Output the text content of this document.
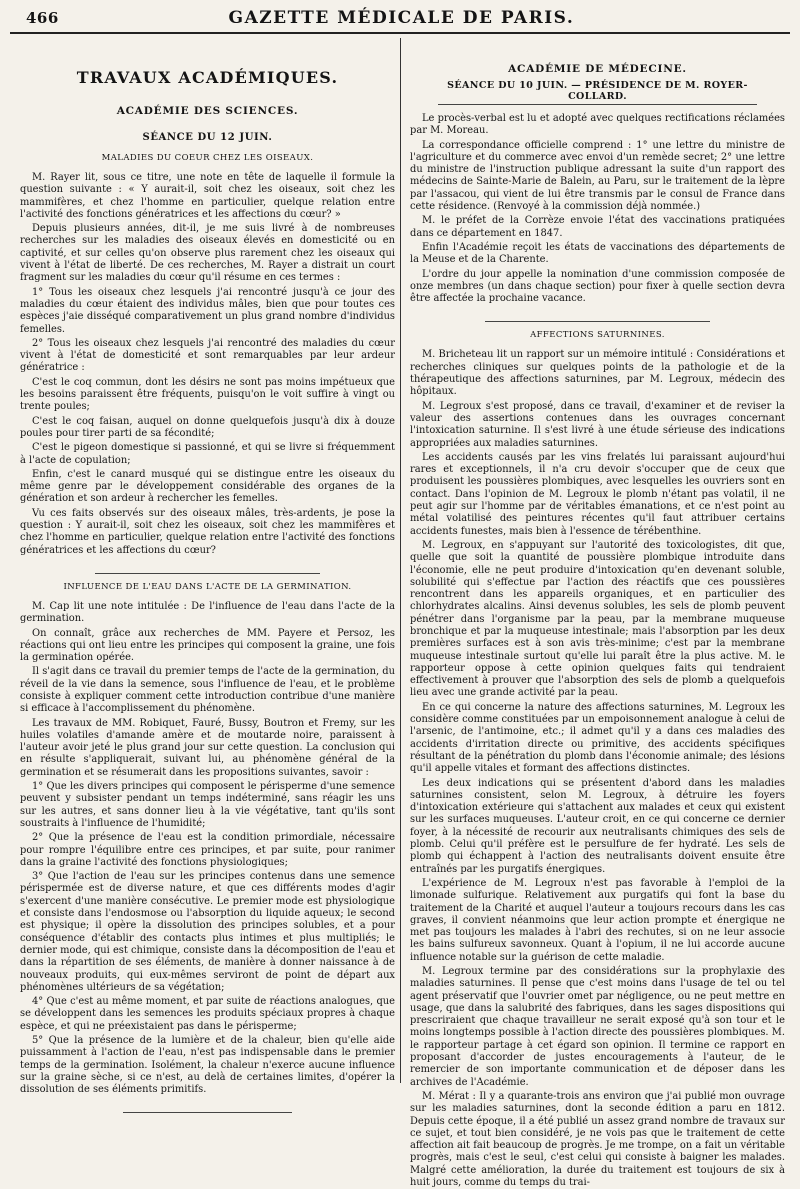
466	GAZETTE MÉDICALE DE PARIS.
TRAVAUX ACADÉMIQUES.
ACADÉMIE DES SCIENCES.
SÉANCE DU 12 JUIN.
MALADIES DU COEUR CHEZ LES OISEAUX.

M. Rayer lit, sous ce titre, une note en tête de laquelle il formule la question suivante : « Y aurait-il, soit chez les oiseaux, soit chez les mammifères, et chez l'homme en particulier, quelque relation entre l'activité des fonctions génératrices et les affections du cœur? »

Depuis plusieurs années, dit-il, je me suis livré à de nombreuses recherches sur les maladies des oiseaux élevés en domesticité ou en captivité, et sur celles qu'on observe plus rarement chez les oiseaux qui vivent à l'état de liberté. De ces recherches, M. Rayer a distrait un court fragment sur les maladies du cœur qu'il résume en ces termes :

1° Tous les oiseaux chez lesquels j'ai rencontré jusqu'à ce jour des maladies du cœur étaient des individus mâles, bien que pour toutes ces espèces j'aie disséqué comparativement un plus grand nombre d'individus femelles.

2° Tous les oiseaux chez lesquels j'ai rencontré des maladies du cœur vivent à l'état de domesticité et sont remarquables par leur ardeur génératrice :

C'est le coq commun, dont les désirs ne sont pas moins impétueux que les besoins paraissent être fréquents, puisqu'on le voit suffire à vingt ou trente poules;

C'est le coq faisan, auquel on donne quelquefois jusqu'à dix à douze poules pour tirer parti de sa fécondité;

C'est le pigeon domestique si passionné, et qui se livre si fréquemment à l'acte de copulation;

Enfin, c'est le canard musqué qui se distingue entre les oiseaux du même genre par le développement considérable des organes de la génération et son ardeur à rechercher les femelles.

Vu ces faits observés sur des oiseaux mâles, très-ardents, je pose la question : Y aurait-il, soit chez les oiseaux, soit chez les mammifères et chez l'homme en particulier, quelque relation entre l'activité des fonctions génératrices et les affections du cœur?

INFLUENCE DE L'EAU DANS L'ACTE DE LA GERMINATION.

M. Cap lit une note intitulée : De l'influence de l'eau dans l'acte de la germination.

On connaît, grâce aux recherches de MM. Payere et Persoz, les réactions qui ont lieu entre les principes qui composent la graine, une fois la germination opérée.

Il s'agit dans ce travail du premier temps de l'acte de la germination, du réveil de la vie dans la semence, sous l'influence de l'eau, et le problème consiste à expliquer comment cette introduction contribue d'une manière si efficace à l'accomplissement du phénomène.

Les travaux de MM. Robiquet, Fauré, Bussy, Boutron et Fremy, sur les huiles volatiles d'amande amère et de moutarde noire, paraissent à l'auteur avoir jeté le plus grand jour sur cette question. La conclusion qui en résulte s'appliquerait, suivant lui, au phénomène général de la germination et se résumerait dans les propositions suivantes, savoir :

1° Que les divers principes qui composent le périsperme d'une semence peuvent y subsister pendant un temps indéterminé, sans réagir les uns sur les autres, et sans donner lieu à la vie végétative, tant qu'ils sont soustraits à l'influence de l'humidité;

2° Que la présence de l'eau est la condition primordiale, nécessaire pour rompre l'équilibre entre ces principes, et par suite, pour ranimer dans la graine l'activité des fonctions physiologiques;

3° Que l'action de l'eau sur les principes contenus dans une semence périspermée est de diverse nature, et que ces différents modes d'agir s'exercent d'une manière consécutive. Le premier mode est physiologique et consiste dans l'endosmose ou l'absorption du liquide aqueux; le second est physique; il opère la dissolution des principes solubles, et a pour conséquence d'établir des contacts plus intimes et plus multipliés; le dernier mode, qui est chimique, consiste dans la décomposition de l'eau et dans la répartition de ses éléments, de manière à donner naissance à de nouveaux produits, qui eux-mêmes serviront de point de départ aux phénomènes ultérieurs de sa végétation;

4° Que c'est au même moment, et par suite de réactions analogues, que se développent dans les semences les produits spéciaux propres à chaque espèce, et qui ne préexistaient pas dans le périsperme;

5° Que la présence de la lumière et de la chaleur, bien qu'elle aide puissamment à l'action de l'eau, n'est pas indispensable dans le premier temps de la germination. Isolément, la chaleur n'exerce aucune influence sur la graine sèche, si ce n'est, au delà de certaines limites, d'opérer la dissolution de ses éléments primitifs.

ACADÉMIE DE MÉDECINE.
SÉANCE DU 10 JUIN. — PRÉSIDENCE DE M. ROYER-COLLARD.

Le procès-verbal est lu et adopté avec quelques rectifications réclamées par M. Moreau.

La correspondance officielle comprend : 1° une lettre du ministre de l'agriculture et du commerce avec envoi d'un remède secret; 2° une lettre du ministre de l'instruction publique adressant la suite d'un rapport des médecins de Sainte-Marie de Balein, au Paru, sur le traitement de la lèpre par l'assacou, qui vient de lui être transmis par le consul de France dans cette résidence. (Renvoyé à la commission déjà nommée.)

M. le préfet de la Corrèze envoie l'état des vaccinations pratiquées dans ce département en 1847.

Enfin l'Académie reçoit les états de vaccinations des départements de la Meuse et de la Charente.

L'ordre du jour appelle la nomination d'une commission composée de onze membres (un dans chaque section) pour fixer à quelle section devra être affectée la prochaine vacance.

AFFECTIONS SATURNINES.

M. Bricheteau lit un rapport sur un mémoire intitulé : Considérations et recherches cliniques sur quelques points de la pathologie et de la thérapeutique des affections saturnines, par M. Legroux, médecin des hôpitaux.

M. Legroux s'est proposé, dans ce travail, d'examiner et de reviser la valeur des assertions contenues dans les ouvrages concernant l'intoxication saturnine. Il s'est livré à une étude sérieuse des indications appropriées aux maladies saturnines.

Les accidents causés par les vins frelatés lui paraissant aujourd'hui rares et exceptionnels, il n'a cru devoir s'occuper que de ceux que produisent les poussières plombiques, avec lesquelles les ouvriers sont en contact. Dans l'opinion de M. Legroux le plomb n'étant pas volatil, il ne peut agir sur l'homme par de véritables émanations, et ce n'est point au métal volatilisé des peintures récentes qu'il faut attribuer certains accidents funestes, mais bien à l'essence de térébenthine.

M. Legroux, en s'appuyant sur l'autorité des toxicologistes, dit que, quelle que soit la quantité de poussière plombique introduite dans l'économie, elle ne peut produire d'intoxication qu'en devenant soluble, solubilité qui s'effectue par l'action des réactifs que ces poussières rencontrent dans les appareils organiques, et en particulier des chlorhydrates alcalins. Ainsi devenus solubles, les sels de plomb peuvent pénétrer dans l'organisme par la peau, par la membrane muqueuse bronchique et par la muqueuse intestinale; mais l'absorption par les deux premières surfaces est à son avis très-minime; c'est par la membrane muqueuse intestinale surtout qu'elle lui paraît être la plus active. M. le rapporteur oppose à cette opinion quelques faits qui tendraient effectivement à prouver que l'absorption des sels de plomb a quelquefois lieu avec une grande activité par la peau.

En ce qui concerne la nature des affections saturnines, M. Legroux les considère comme constituées par un empoisonnement analogue à celui de l'arsenic, de l'antimoine, etc.; il admet qu'il y a dans ces maladies des accidents d'irritation directe ou primitive, des accidents spécifiques résultant de la pénétration du plomb dans l'économie animale; des lésions qu'il appelle vitales et formant des affections distinctes.

Les deux indications qui se présentent d'abord dans les maladies saturnines consistent, selon M. Legroux, à détruire les foyers d'intoxication extérieure qui s'attachent aux malades et ceux qui existent sur les surfaces muqueuses. L'auteur croit, en ce qui concerne ce dernier foyer, à la nécessité de recourir aux neutralisants chimiques des sels de plomb. Celui qu'il préfère est le persulfure de fer hydraté. Les sels de plomb qui échappent à l'action des neutralisants doivent ensuite être entraînés par les purgatifs énergiques.

L'expérience de M. Legroux n'est pas favorable à l'emploi de la limonade sulfurique. Relativement aux purgatifs qui font la base du traitement de la Charité et auquel l'auteur a toujours recours dans les cas graves, il convient néanmoins que leur action prompte et énergique ne met pas toujours les malades à l'abri des rechutes, si on ne leur associe les bains sulfureux savonneux. Quant à l'opium, il ne lui accorde aucune influence notable sur la guérison de cette maladie.

M. Legroux termine par des considérations sur la prophylaxie des maladies saturnines. Il pense que c'est moins dans l'usage de tel ou tel agent préservatif que l'ouvrier omet par négligence, ou ne peut mettre en usage, que dans la salubrité des fabriques, dans les sages dispositions qui prescriraient que chaque travailleur ne serait exposé qu'à son tour et le moins longtemps possible à l'action directe des poussières plombiques. M. le rapporteur partage à cet égard son opinion. Il termine ce rapport en proposant d'accorder de justes encouragements à l'auteur, de le remercier de son importante communication et de déposer dans les archives de l'Académie.

M. Mérat : Il y a quarante-trois ans environ que j'ai publié mon ouvrage sur les maladies saturnines, dont la seconde édition a paru en 1812. Depuis cette époque, il a été publié un assez grand nombre de travaux sur ce sujet, et tout bien considéré, je ne vois pas que le traitement de cette affection ait fait beaucoup de progrès. Je me trompe, on a fait un véritable progrès, mais c'est le seul, c'est celui qui consiste à baigner les malades. Malgré cette amélioration, la durée du traitement est toujours de six à huit jours, comme du temps du trai-
